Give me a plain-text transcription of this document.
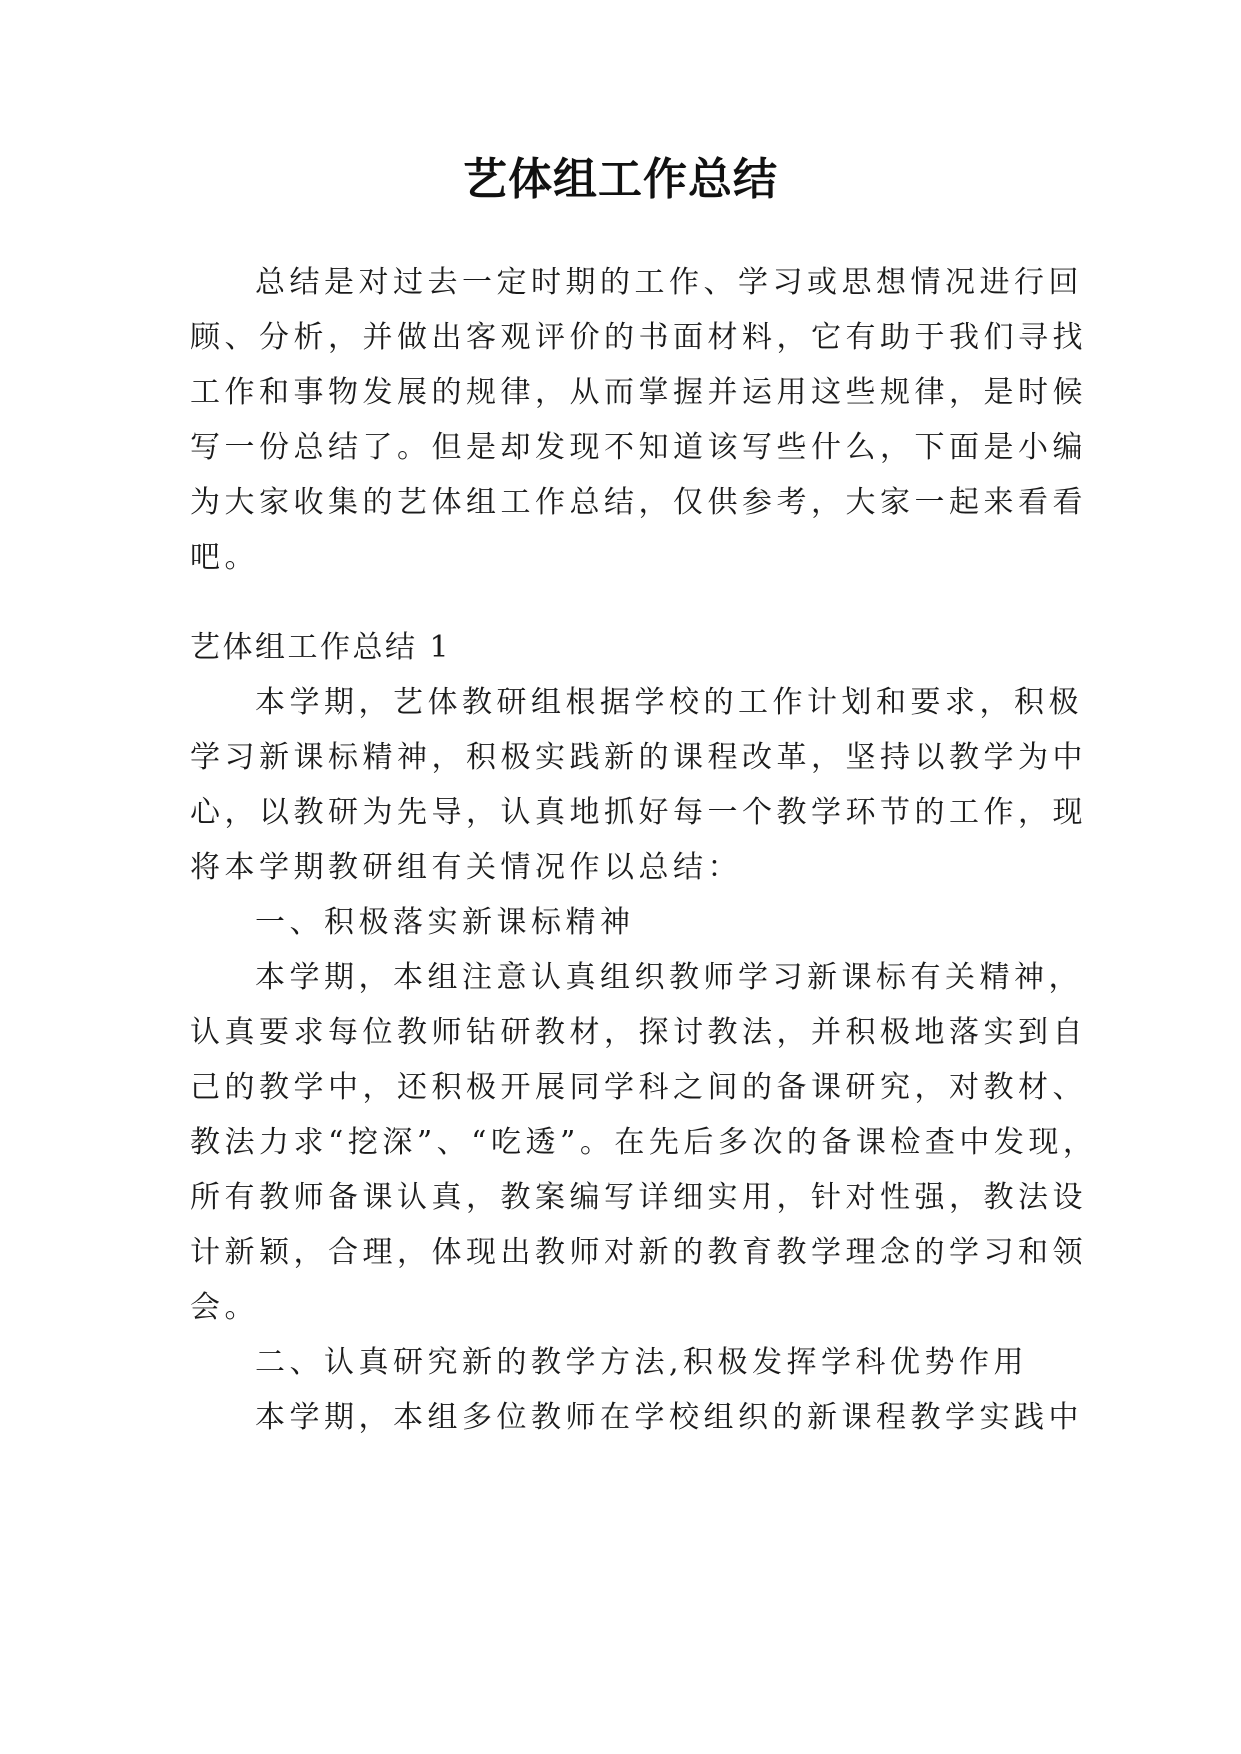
艺体组工作总结
总结是对过去一定时期的工作、学习或思想情况进行回
顾、分析，并做出客观评价的书面材料，它有助于我们寻找
工作和事物发展的规律，从而掌握并运用这些规律，是时候
写一份总结了。但是却发现不知道该写些什么，下面是小编
为大家收集的艺体组工作总结，仅供参考，大家一起来看看
吧。
艺体组工作总结 1
本学期，艺体教研组根据学校的工作计划和要求，积极
学习新课标精神，积极实践新的课程改革，坚持以教学为中
心，以教研为先导，认真地抓好每一个教学环节的工作，现
将本学期教研组有关情况作以总结：
一、积极落实新课标精神
本学期，本组注意认真组织教师学习新课标有关精神，
认真要求每位教师钻研教材，探讨教法，并积极地落实到自
己的教学中，还积极开展同学科之间的备课研究，对教材、
教法力求“挖深”、“吃透”。在先后多次的备课检查中发现，
所有教师备课认真，教案编写详细实用，针对性强，教法设
计新颖，合理，体现出教师对新的教育教学理念的学习和领
会。
二、认真研究新的教学方法,积极发挥学科优势作用
本学期，本组多位教师在学校组织的新课程教学实践中
